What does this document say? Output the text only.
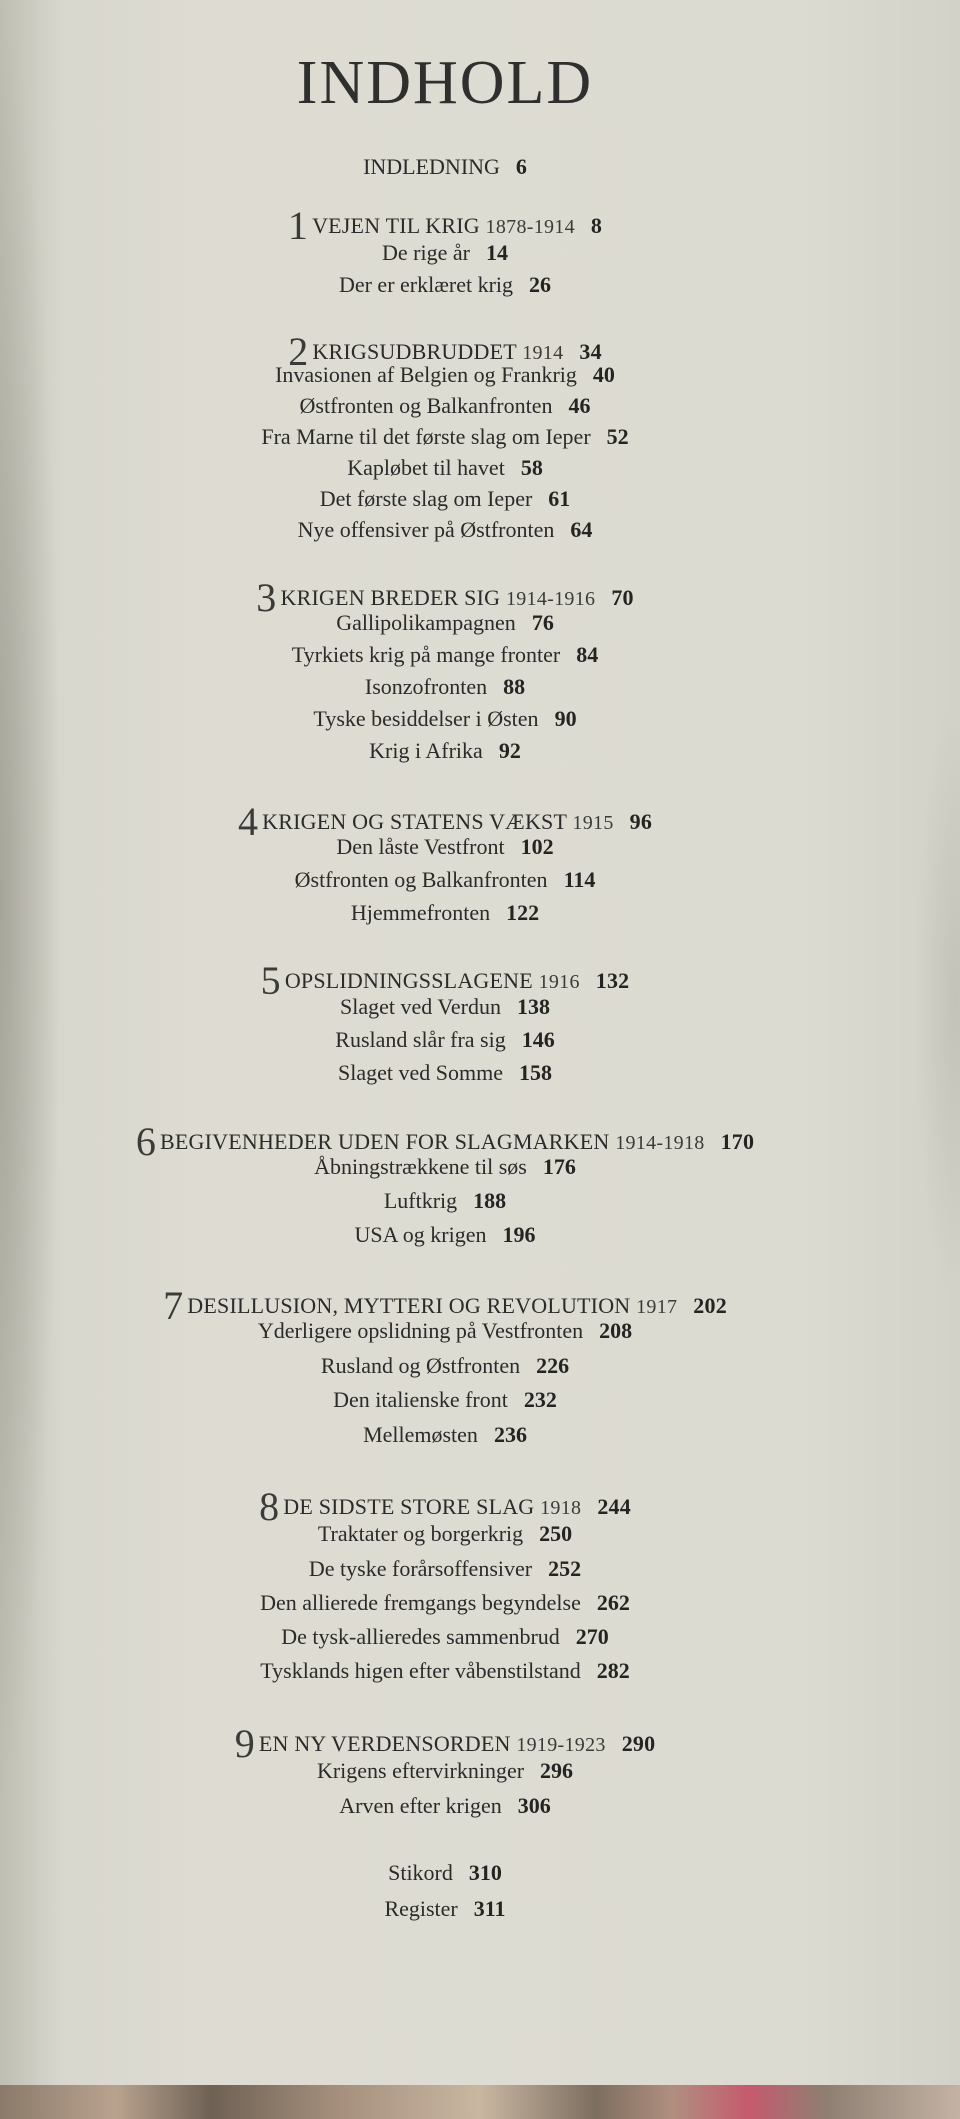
INDHOLD
INDLEDNING 6
1 VEJEN TIL KRIG 1878-1914 8
De rige år 14
Der er erklæret krig 26
2 KRIGSUDBRUDDET 1914 34
Invasionen af Belgien og Frankrig 40
Østfronten og Balkanfronten 46
Fra Marne til det første slag om Ieper 52
Kapløbet til havet 58
Det første slag om Ieper 61
Nye offensiver på Østfronten 64
3 KRIGEN BREDER SIG 1914-1916 70
Gallipolikampagnen 76
Tyrkiets krig på mange fronter 84
Isonzofronten 88
Tyske besiddelser i Østen 90
Krig i Afrika 92
4 KRIGEN OG STATENS VÆKST 1915 96
Den låste Vestfront 102
Østfronten og Balkanfronten 114
Hjemmefronten 122
5 OPSLIDNINGSSLAGENE 1916 132
Slaget ved Verdun 138
Rusland slår fra sig 146
Slaget ved Somme 158
6 BEGIVENHEDER UDEN FOR SLAGMARKEN 1914-1918 170
Åbningstrækkene til søs 176
Luftkrig 188
USA og krigen 196
7 DESILLUSION, MYTTERI OG REVOLUTION 1917 202
Yderligere opslidning på Vestfronten 208
Rusland og Østfronten 226
Den italienske front 232
Mellemøsten 236
8 DE SIDSTE STORE SLAG 1918 244
Traktater og borgerkrig 250
De tyske forårsoffensiver 252
Den allierede fremgangs begyndelse 262
De tysk-allieredes sammenbrud 270
Tysklands higen efter våbenstilstand 282
9 EN NY VERDENSORDEN 1919-1923 290
Krigens eftervirkninger 296
Arven efter krigen 306
Stikord 310
Register 311
